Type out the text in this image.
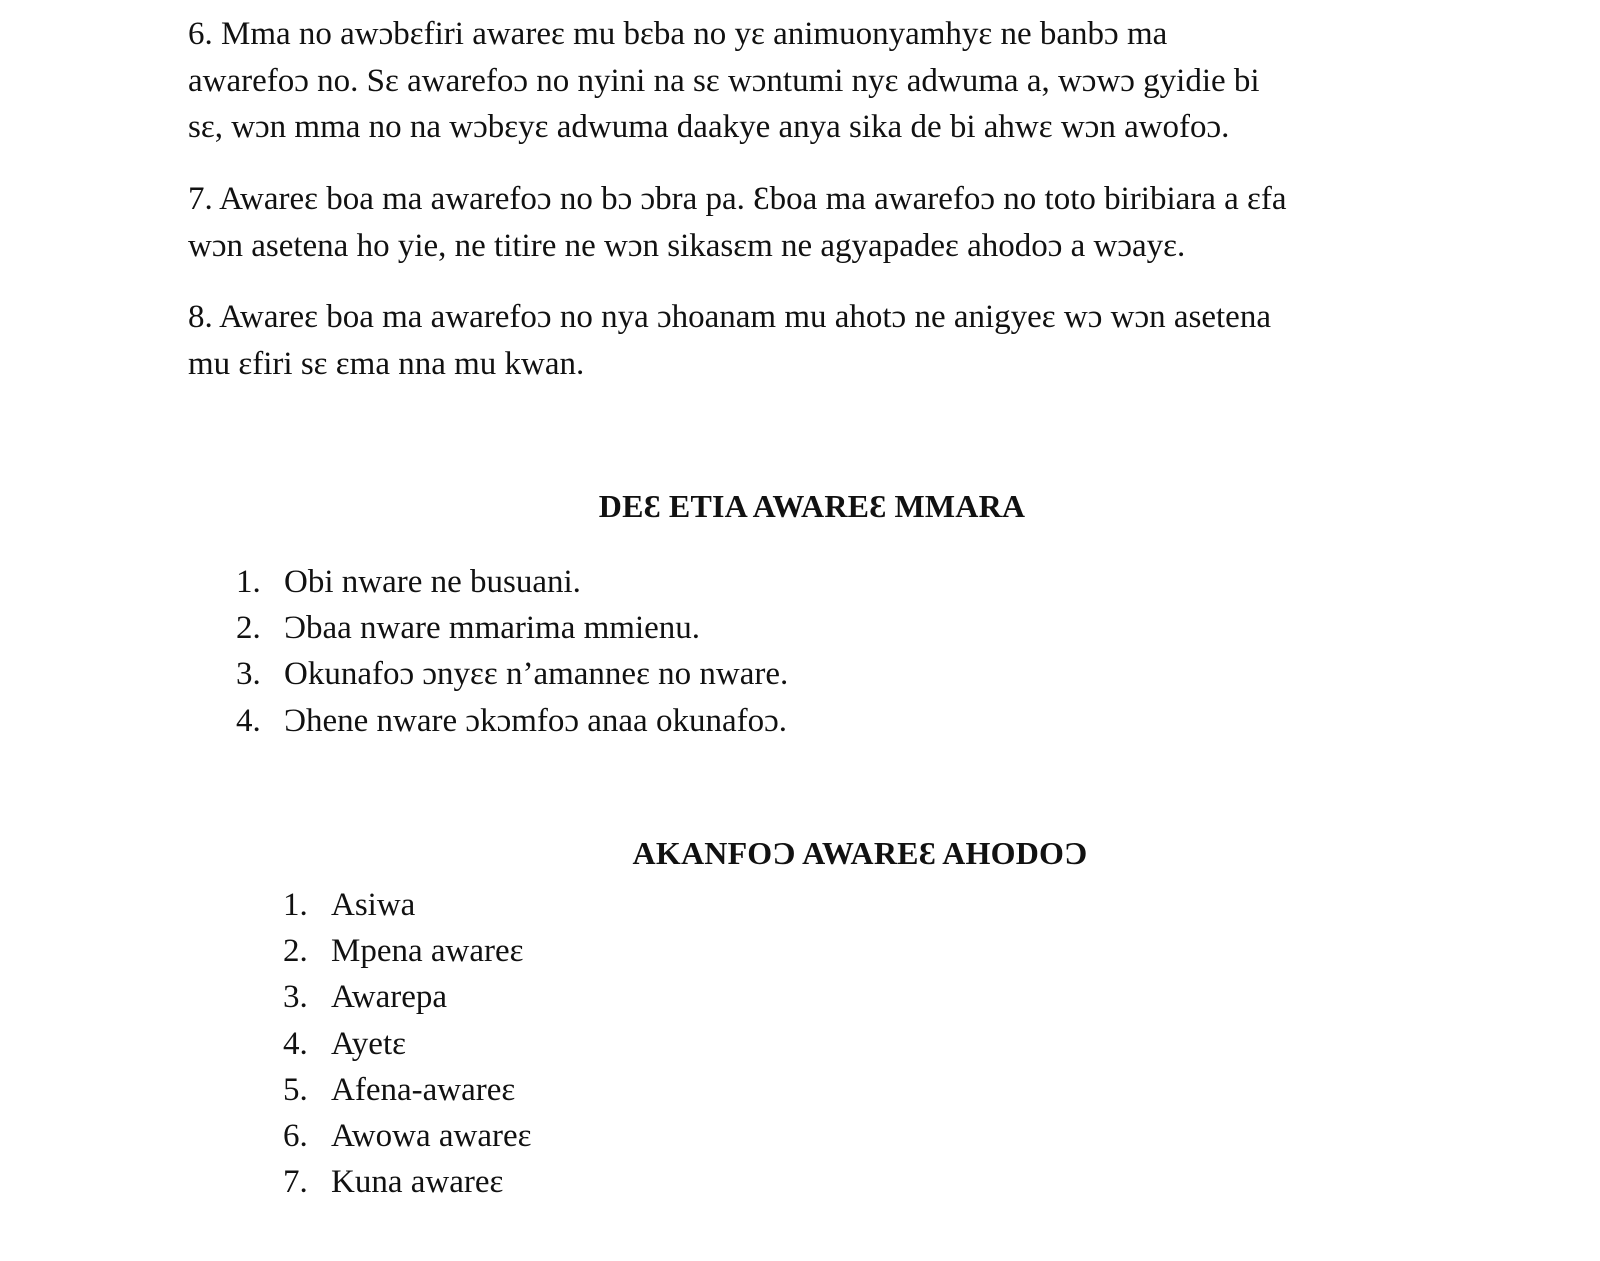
6. Mma no awɔbɛfiri awareɛ mu bɛba no yɛ animuonyamhyɛ ne banbɔ ma
awarefoɔ no. Sɛ awarefoɔ no nyini na sɛ wɔntumi nyɛ adwuma a, wɔwɔ gyidie bi
sɛ, wɔn mma no na wɔbɛyɛ adwuma daakye anya sika de bi ahwɛ wɔn awofoɔ.

7. Awareɛ boa ma awarefoɔ no bɔ ɔbra pa. Ɛboa ma awarefoɔ no toto biribiara a ɛfa
wɔn asetena ho yie, ne titire ne wɔn sikasɛm ne agyapadeɛ ahodoɔ a wɔayɛ.

8. Awareɛ boa ma awarefoɔ no nya ɔhoanam mu ahotɔ ne anigyeɛ wɔ wɔn asetena
mu ɛfiri sɛ ɛma nna mu kwan.

DEƐ ETIA AWAREƐ MMARA
1. Obi nware ne busuani.
2. Ɔbaa nware mmarima mmienu.
3. Okunafoɔ ɔnyɛɛ n’amanneɛ no nware.
4. Ɔhene nware ɔkɔmfoɔ anaa okunafoɔ.
AKANFOƆ AWAREƐ AHODOƆ
1. Asiwa
2. Mpena awareɛ
3. Awarepa
4. Ayetɛ
5. Afena-awareɛ
6. Awowa awareɛ
7. Kuna awareɛ
